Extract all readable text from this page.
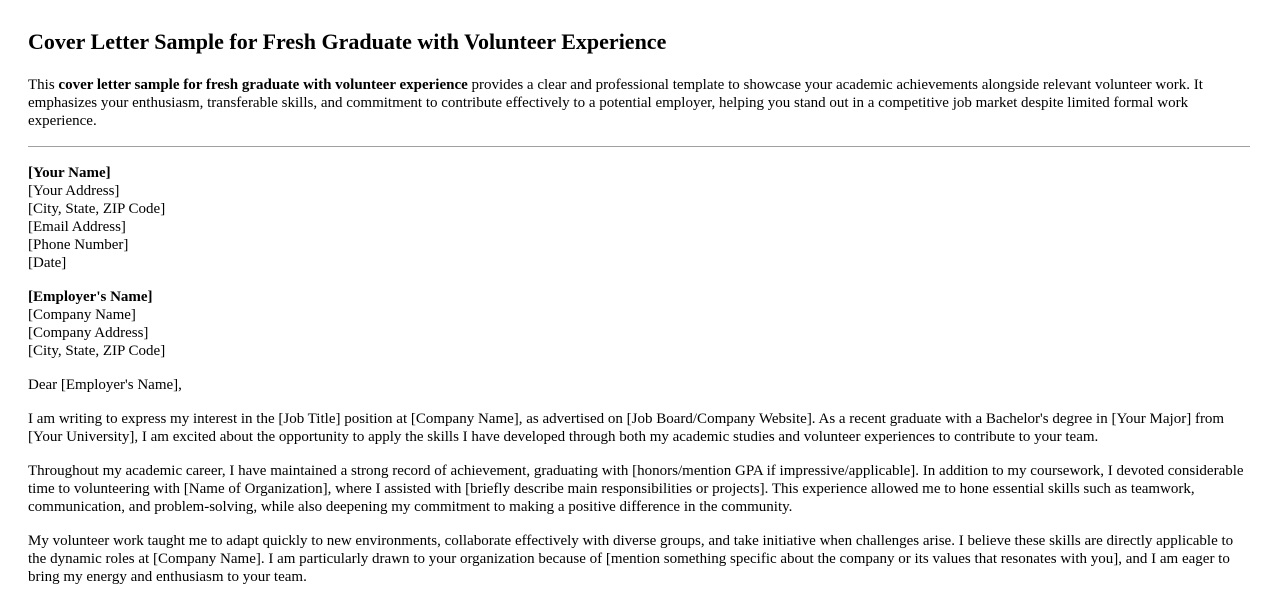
Cover Letter Sample for Fresh Graduate with Volunteer Experience

This cover letter sample for fresh graduate with volunteer experience provides a clear and professional template to showcase your academic achievements alongside relevant volunteer work. It emphasizes your enthusiasm, transferable skills, and commitment to contribute effectively to a potential employer, helping you stand out in a competitive job market despite limited formal work experience.

[Your Name]
[Your Address]
[City, State, ZIP Code]
[Email Address]
[Phone Number]
[Date]
[Employer's Name]
[Company Name]
[Company Address]
[City, State, ZIP Code]

Dear [Employer's Name],

I am writing to express my interest in the [Job Title] position at [Company Name], as advertised on [Job Board/Company Website]. As a recent graduate with a Bachelor's degree in [Your Major] from [Your University], I am excited about the opportunity to apply the skills I have developed through both my academic studies and volunteer experiences to contribute to your team.

Throughout my academic career, I have maintained a strong record of achievement, graduating with [honors/mention GPA if impressive/applicable]. In addition to my coursework, I devoted considerable time to volunteering with [Name of Organization], where I assisted with [briefly describe main responsibilities or projects]. This experience allowed me to hone essential skills such as teamwork, communication, and problem-solving, while also deepening my commitment to making a positive difference in the community.

My volunteer work taught me to adapt quickly to new environments, collaborate effectively with diverse groups, and take initiative when challenges arise. I believe these skills are directly applicable to the dynamic roles at [Company Name]. I am particularly drawn to your organization because of [mention something specific about the company or its values that resonates with you], and I am eager to bring my energy and enthusiasm to your team.
